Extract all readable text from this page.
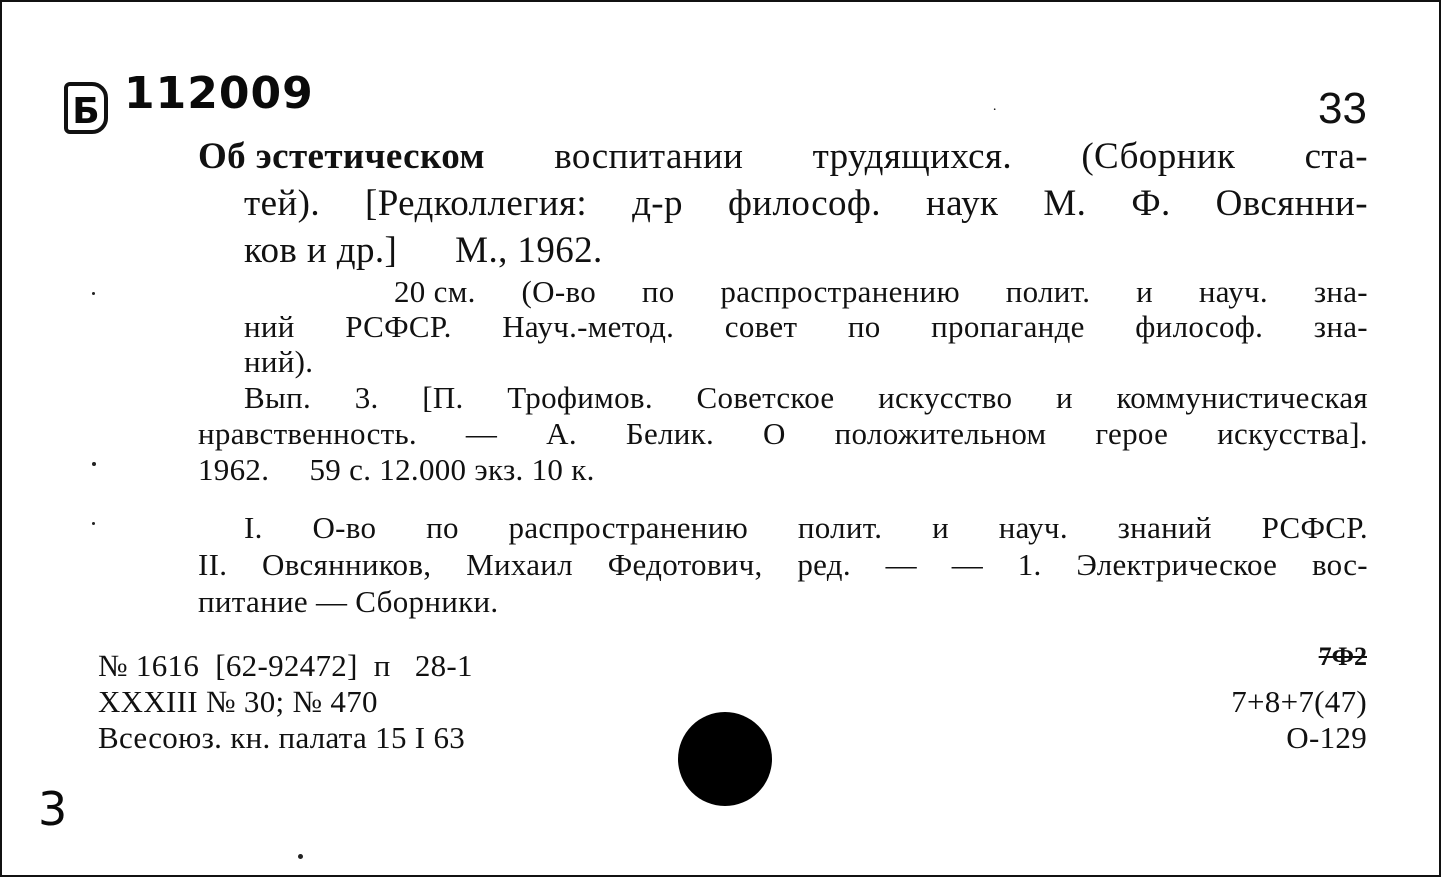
Б 112009	33
˙
Об эстетическом воспитании трудящихся. (Сборник ста-
тей). [Редколлегия: д-р философ. наук М. Ф. Овсянни-
ков и др.]      М., 1962.
20 см. (О-во по распространению полит. и науч. зна-
ний РСФСР. Науч.-метод. совет по пропаганде философ. зна-
ний).
Вып. 3. [П. Трофимов. Советское искусство и коммунистическая
нравственность. — А. Белик. О положительном герое искусства].
1962.     59 с. 12.000 экз. 10 к.
I. О-во по распространению полит. и науч. знаний РСФСР.
II. Овсянников, Михаил Федотович, ред. — — 1. Электрическое вос-
питание — Сборники.
№ 1616  [62-92472]  п   28-1
XXXIII № 30; № 470
Всесоюз. кн. палата 15 I 63
7Ф2
7+8+7(47)
О-129
3
